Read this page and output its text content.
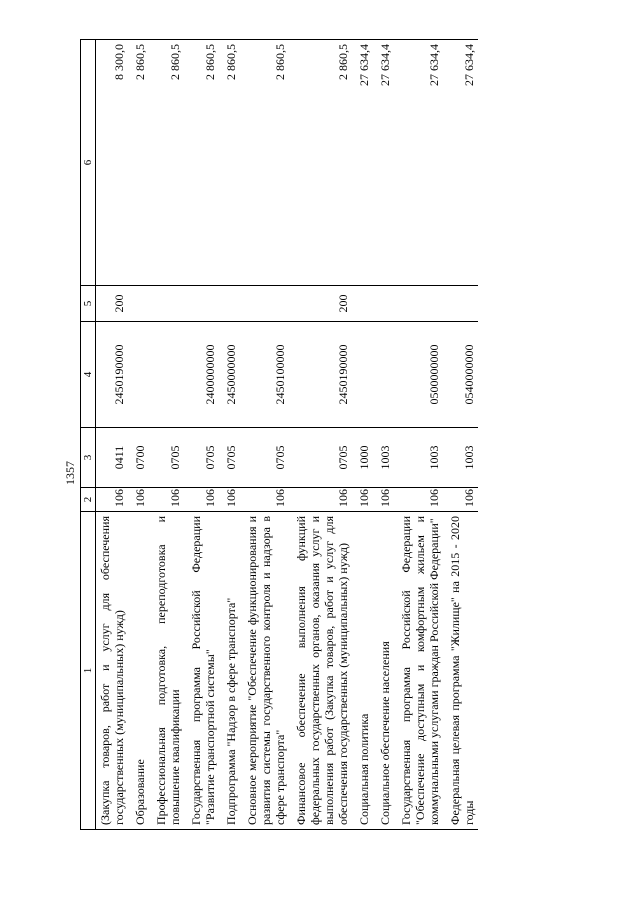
1357
1	2	3	4	5	6
(Закупка товаров, работ и услуг для обеспечения государственных (муниципальных) нужд)	106	0411	2450190000	200	8 300,0
Образование	106	0700			2 860,5
Профессиональная подготовка, переподготовка и повышение квалификации	106	0705			2 860,5
Государственная программа Российской Федерации "Развитие транспортной системы"	106	0705	2400000000		2 860,5
Подпрограмма "Надзор в сфере транспорта"	106	0705	2450000000		2 860,5
Основное мероприятие "Обеспечение функционирования и развития системы государственного контроля и надзора в сфере транспорта"	106	0705	2450100000		2 860,5
Финансовое обеспечение выполнения функций федеральных государственных органов, оказания услуг и выполнения работ (Закупка товаров, работ и услуг для обеспечения государственных (муниципальных) нужд)	106	0705	2450190000	200	2 860,5
Социальная политика	106	1000			27 634,4
Социальное обеспечение населения	106	1003			27 634,4
Государственная программа Российской Федерации "Обеспечение доступным и комфортным жильем и коммунальными услугами граждан Российской Федерации"	106	1003	0500000000		27 634,4
Федеральная целевая программа "Жилище" на 2015 - 2020 годы	106	1003	0540000000		27 634,4
